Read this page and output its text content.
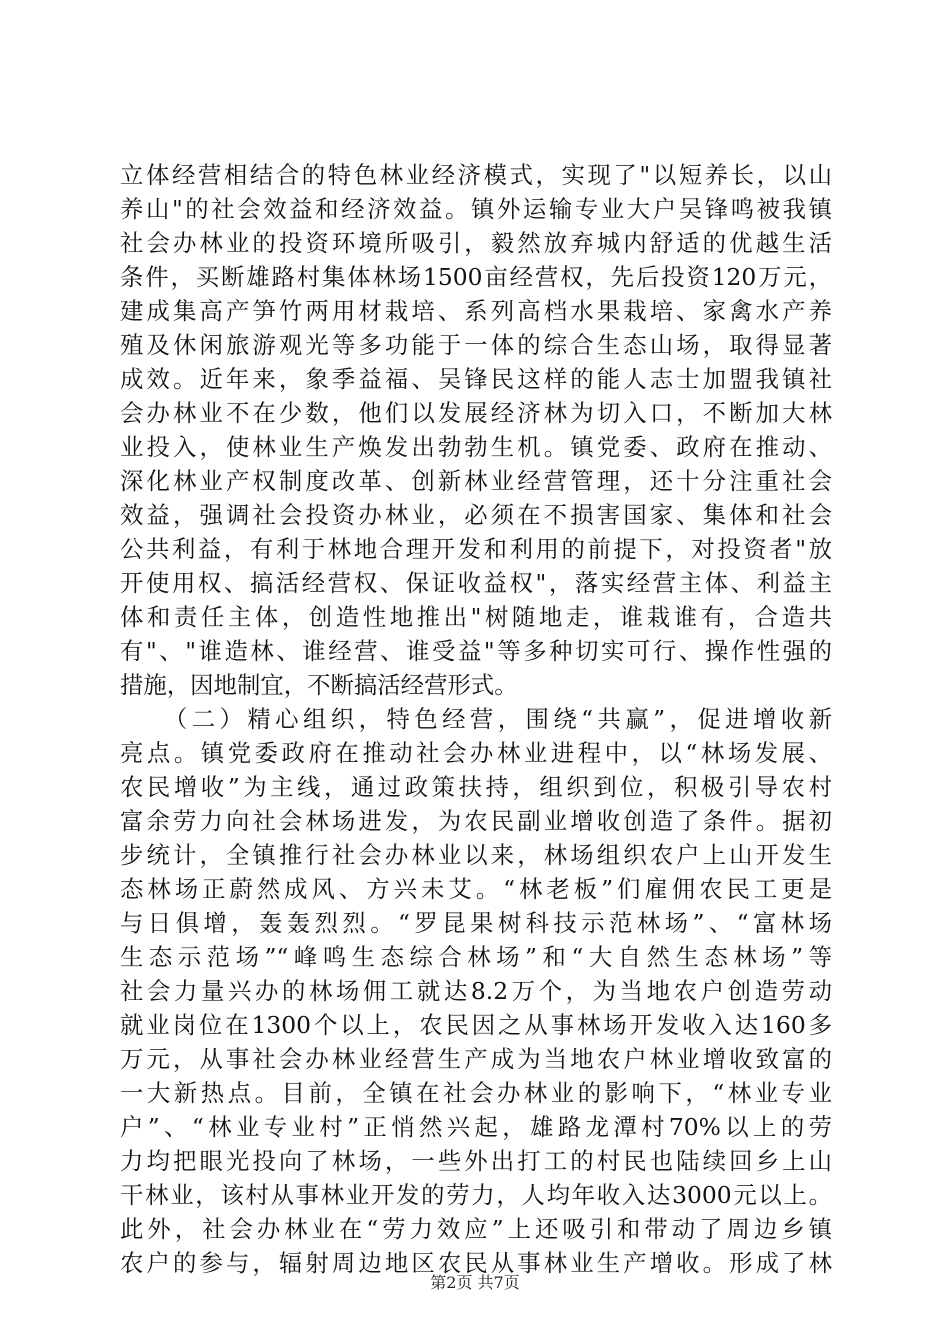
立体经营相结合的特色林业经济模式，实现了"以短养长，以山
养山"的社会效益和经济效益。镇外运输专业大户吴锋鸣被我镇
社会办林业的投资环境所吸引，毅然放弃城内舒适的优越生活
条件，买断雄路村集体林场1500亩经营权，先后投资120万元，
建成集高产笋竹两用材栽培、系列高档水果栽培、家禽水产养
殖及休闲旅游观光等多功能于一体的综合生态山场，取得显著
成效。近年来，象季益福、吴锋民这样的能人志士加盟我镇社
会办林业不在少数，他们以发展经济林为切入口，不断加大林
业投入，使林业生产焕发出勃勃生机。镇党委、政府在推动、
深化林业产权制度改革、创新林业经营管理，还十分注重社会
效益，强调社会投资办林业，必须在不损害国家、集体和社会
公共利益，有利于林地合理开发和利用的前提下，对投资者"放
开使用权、搞活经营权、保证收益权"，落实经营主体、利益主
体和责任主体，创造性地推出"树随地走，谁栽谁有，合造共
有"、"谁造林、谁经营、谁受益"等多种切实可行、操作性强的
措施，因地制宜，不断搞活经营形式。
　　（二）精心组织，特色经营，围绕“共赢”，促进增收新
亮点。镇党委政府在推动社会办林业进程中，以“林场发展、
农民增收”为主线，通过政策扶持，组织到位，积极引导农村
富余劳力向社会林场进发，为农民副业增收创造了条件。据初
步统计，全镇推行社会办林业以来，林场组织农户上山开发生
态林场正蔚然成风、方兴未艾。“林老板”们雇佣农民工更是
与日俱增，轰轰烈烈。“罗昆果树科技示范林场”、“富林场
生态示范场”“峰鸣生态综合林场”和“大自然生态林场”等
社会力量兴办的林场佣工就达8.2万个，为当地农户创造劳动
就业岗位在1300个以上，农民因之从事林场开发收入达160多
万元，从事社会办林业经营生产成为当地农户林业增收致富的
一大新热点。目前，全镇在社会办林业的影响下，“林业专业
户”、“林业专业村”正悄然兴起，雄路龙潭村70%以上的劳
力均把眼光投向了林场，一些外出打工的村民也陆续回乡上山
干林业，该村从事林业开发的劳力，人均年收入达3000元以上。
此外，社会办林业在“劳力效应”上还吸引和带动了周边乡镇
农户的参与，辐射周边地区农民从事林业生产增收。形成了林
第2页 共7页
